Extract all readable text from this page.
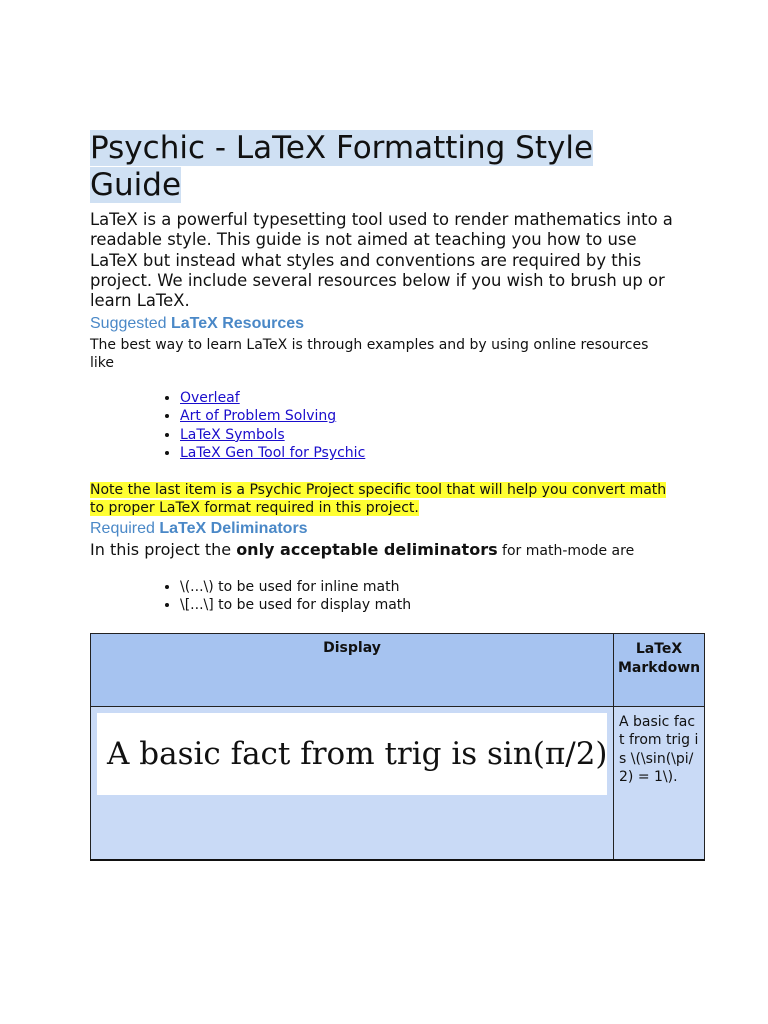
Psychic - LaTeX Formatting Style Guide

LaTeX is a powerful typesetting tool used to render mathematics into a readable style. This guide is not aimed at teaching you how to use LaTeX but instead what styles and conventions are required by this project. We include several resources below if you wish to brush up or learn LaTeX.

Suggested LaTeX Resources

The best way to learn LaTeX is through examples and by using online resources like

• Overleaf
• Art of Problem Solving
• LaTeX Symbols
• LaTeX Gen Tool for Psychic

Note the last item is a Psychic Project specific tool that will help you convert math to proper LaTeX format required in this project.

Required LaTeX Deliminators

In this project the only acceptable deliminators for math-mode are

• \(...\) to be used for inline math
• \[...\] to be used for display math
Display	LaTeX Markdown

A basic fact from trig is sin(π/2)	A basic fact from trig is \(\sin(\pi/2) = 1\).
